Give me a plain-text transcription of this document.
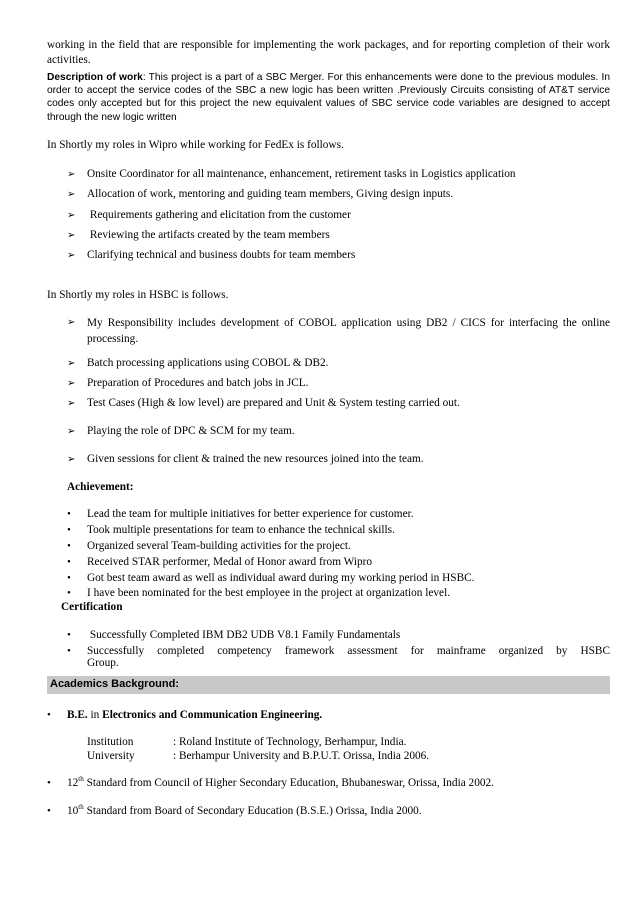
working in the field that are responsible for implementing the work packages, and for reporting completion of their work activities.

Description of work: This project is a part of a SBC Merger. For this enhancements were done to the previous modules. In order to accept the service codes of the SBC a new logic has been written .Previously Circuits consisting of AT&T service codes only accepted but for this project the new equivalent values of SBC service code variables are designed to accept through the new logic written

In Shortly my roles in Wipro while working for FedEx is follows.
➢ Onsite Coordinator for all maintenance, enhancement, retirement tasks in Logistics application
➢ Allocation of work, mentoring and guiding team members, Giving design inputs.
➢ Requirements gathering and elicitation from the customer
➢ Reviewing the artifacts created by the team members
➢ Clarifying technical and business doubts for team members
In Shortly my roles in HSBC is follows.
➢	My Responsibility includes development of COBOL application using DB2 / CICS for interfacing the online
processing.
➢ Batch processing applications using COBOL & DB2.
➢ Preparation of Procedures and batch jobs in JCL.
➢ Test Cases (High & low level) are prepared and Unit & System testing carried out.
➢ Playing the role of DPC & SCM for my team.
➢ Given sessions for client & trained the new resources joined into the team.
Achievement:
• Lead the team for multiple initiatives for better experience for customer.
• Took multiple presentations for team to enhance the technical skills.
• Organized several Team-building activities for the project.
• Received STAR performer, Medal of Honor award from Wipro
• Got best team award as well as individual award during my working period in HSBC.
• I have been nominated for the best employee in the project at organization level.
Certification
• Successfully Completed IBM DB2 UDB V8.1 Family Fundamentals
•	Successfully completed competency framework assessment for mainframe organized by HSBC
Group.
Academics Background:
• B.E. in Electronics and Communication Engineering.
Institution	: Roland Institute of Technology, Berhampur, India.
University	: Berhampur University and B.P.U.T. Orissa, India 2006.
• 12th Standard from Council of Higher Secondary Education, Bhubaneswar, Orissa, India 2002.
• 10th Standard from Board of Secondary Education (B.S.E.) Orissa, India 2000.
